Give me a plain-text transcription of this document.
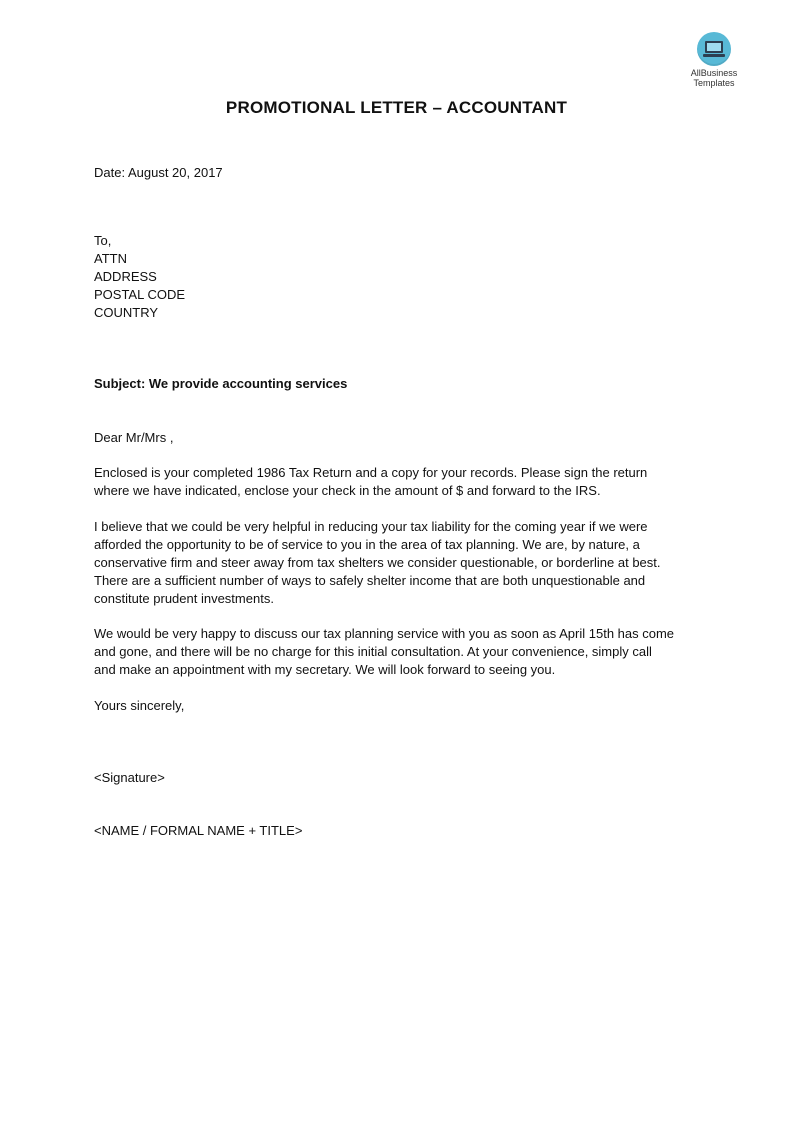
AllBusiness
Templates
PROMOTIONAL LETTER – ACCOUNTANT
Date: August 20, 2017
To,
ATTN
ADDRESS
POSTAL CODE
COUNTRY
Subject: We provide accounting services
Dear Mr/Mrs ,
Enclosed is your completed 1986 Tax Return and a copy for your records. Please sign the return
where we have indicated, enclose your check in the amount of $ and forward to the IRS.
I believe that we could be very helpful in reducing your tax liability for the coming year if we were
afforded the opportunity to be of service to you in the area of tax planning. We are, by nature, a
conservative firm and steer away from tax shelters we consider questionable, or borderline at best.
There are a sufficient number of ways to safely shelter income that are both unquestionable and
constitute prudent investments.
We would be very happy to discuss our tax planning service with you as soon as April 15th has come
and gone, and there will be no charge for this initial consultation. At your convenience, simply call
and make an appointment with my secretary. We will look forward to seeing you.
Yours sincerely,
<Signature>
<NAME / FORMAL NAME + TITLE>
